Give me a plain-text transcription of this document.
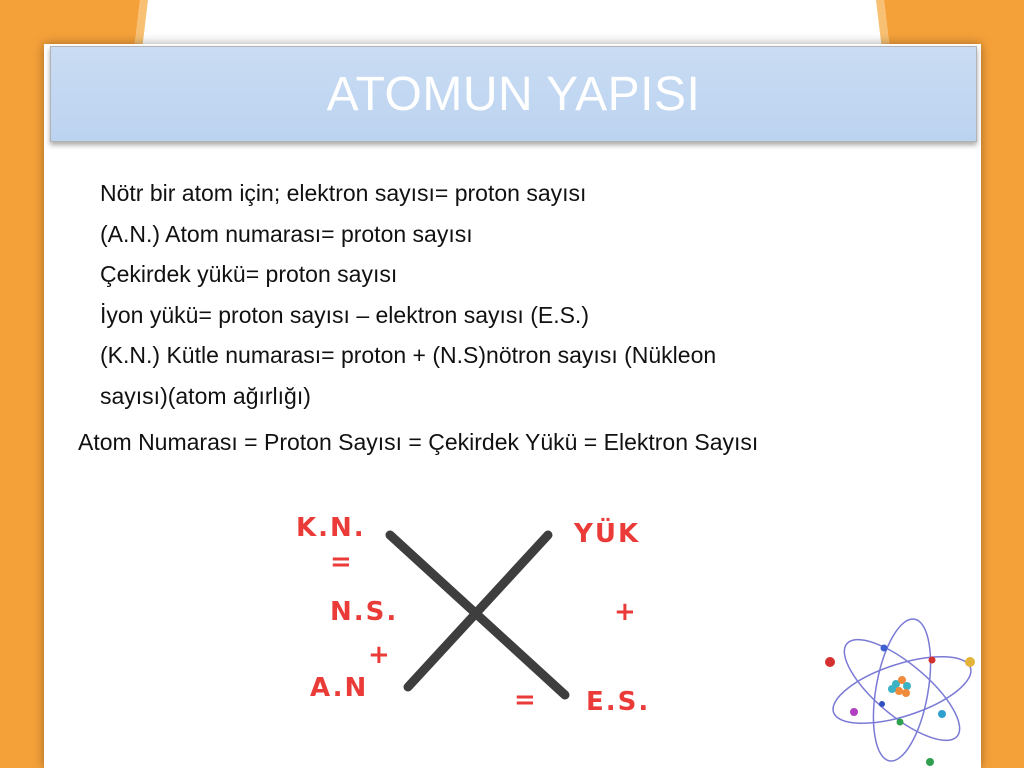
ATOMUN YAPISI
Nötr bir atom için; elektron sayısı= proton sayısı
(A.N.) Atom numarası= proton sayısı
Çekirdek yükü= proton sayısı
İyon yükü= proton sayısı – elektron sayısı (E.S.)
(K.N.) Kütle numarası= proton + (N.S)nötron sayısı (Nükleon
sayısı)(atom ağırlığı)
Atom Numarası = Proton Sayısı = Çekirdek Yükü = Elektron Sayısı
K.N.
=
N.S.
+
A.N
YÜK
+
= E.S.
